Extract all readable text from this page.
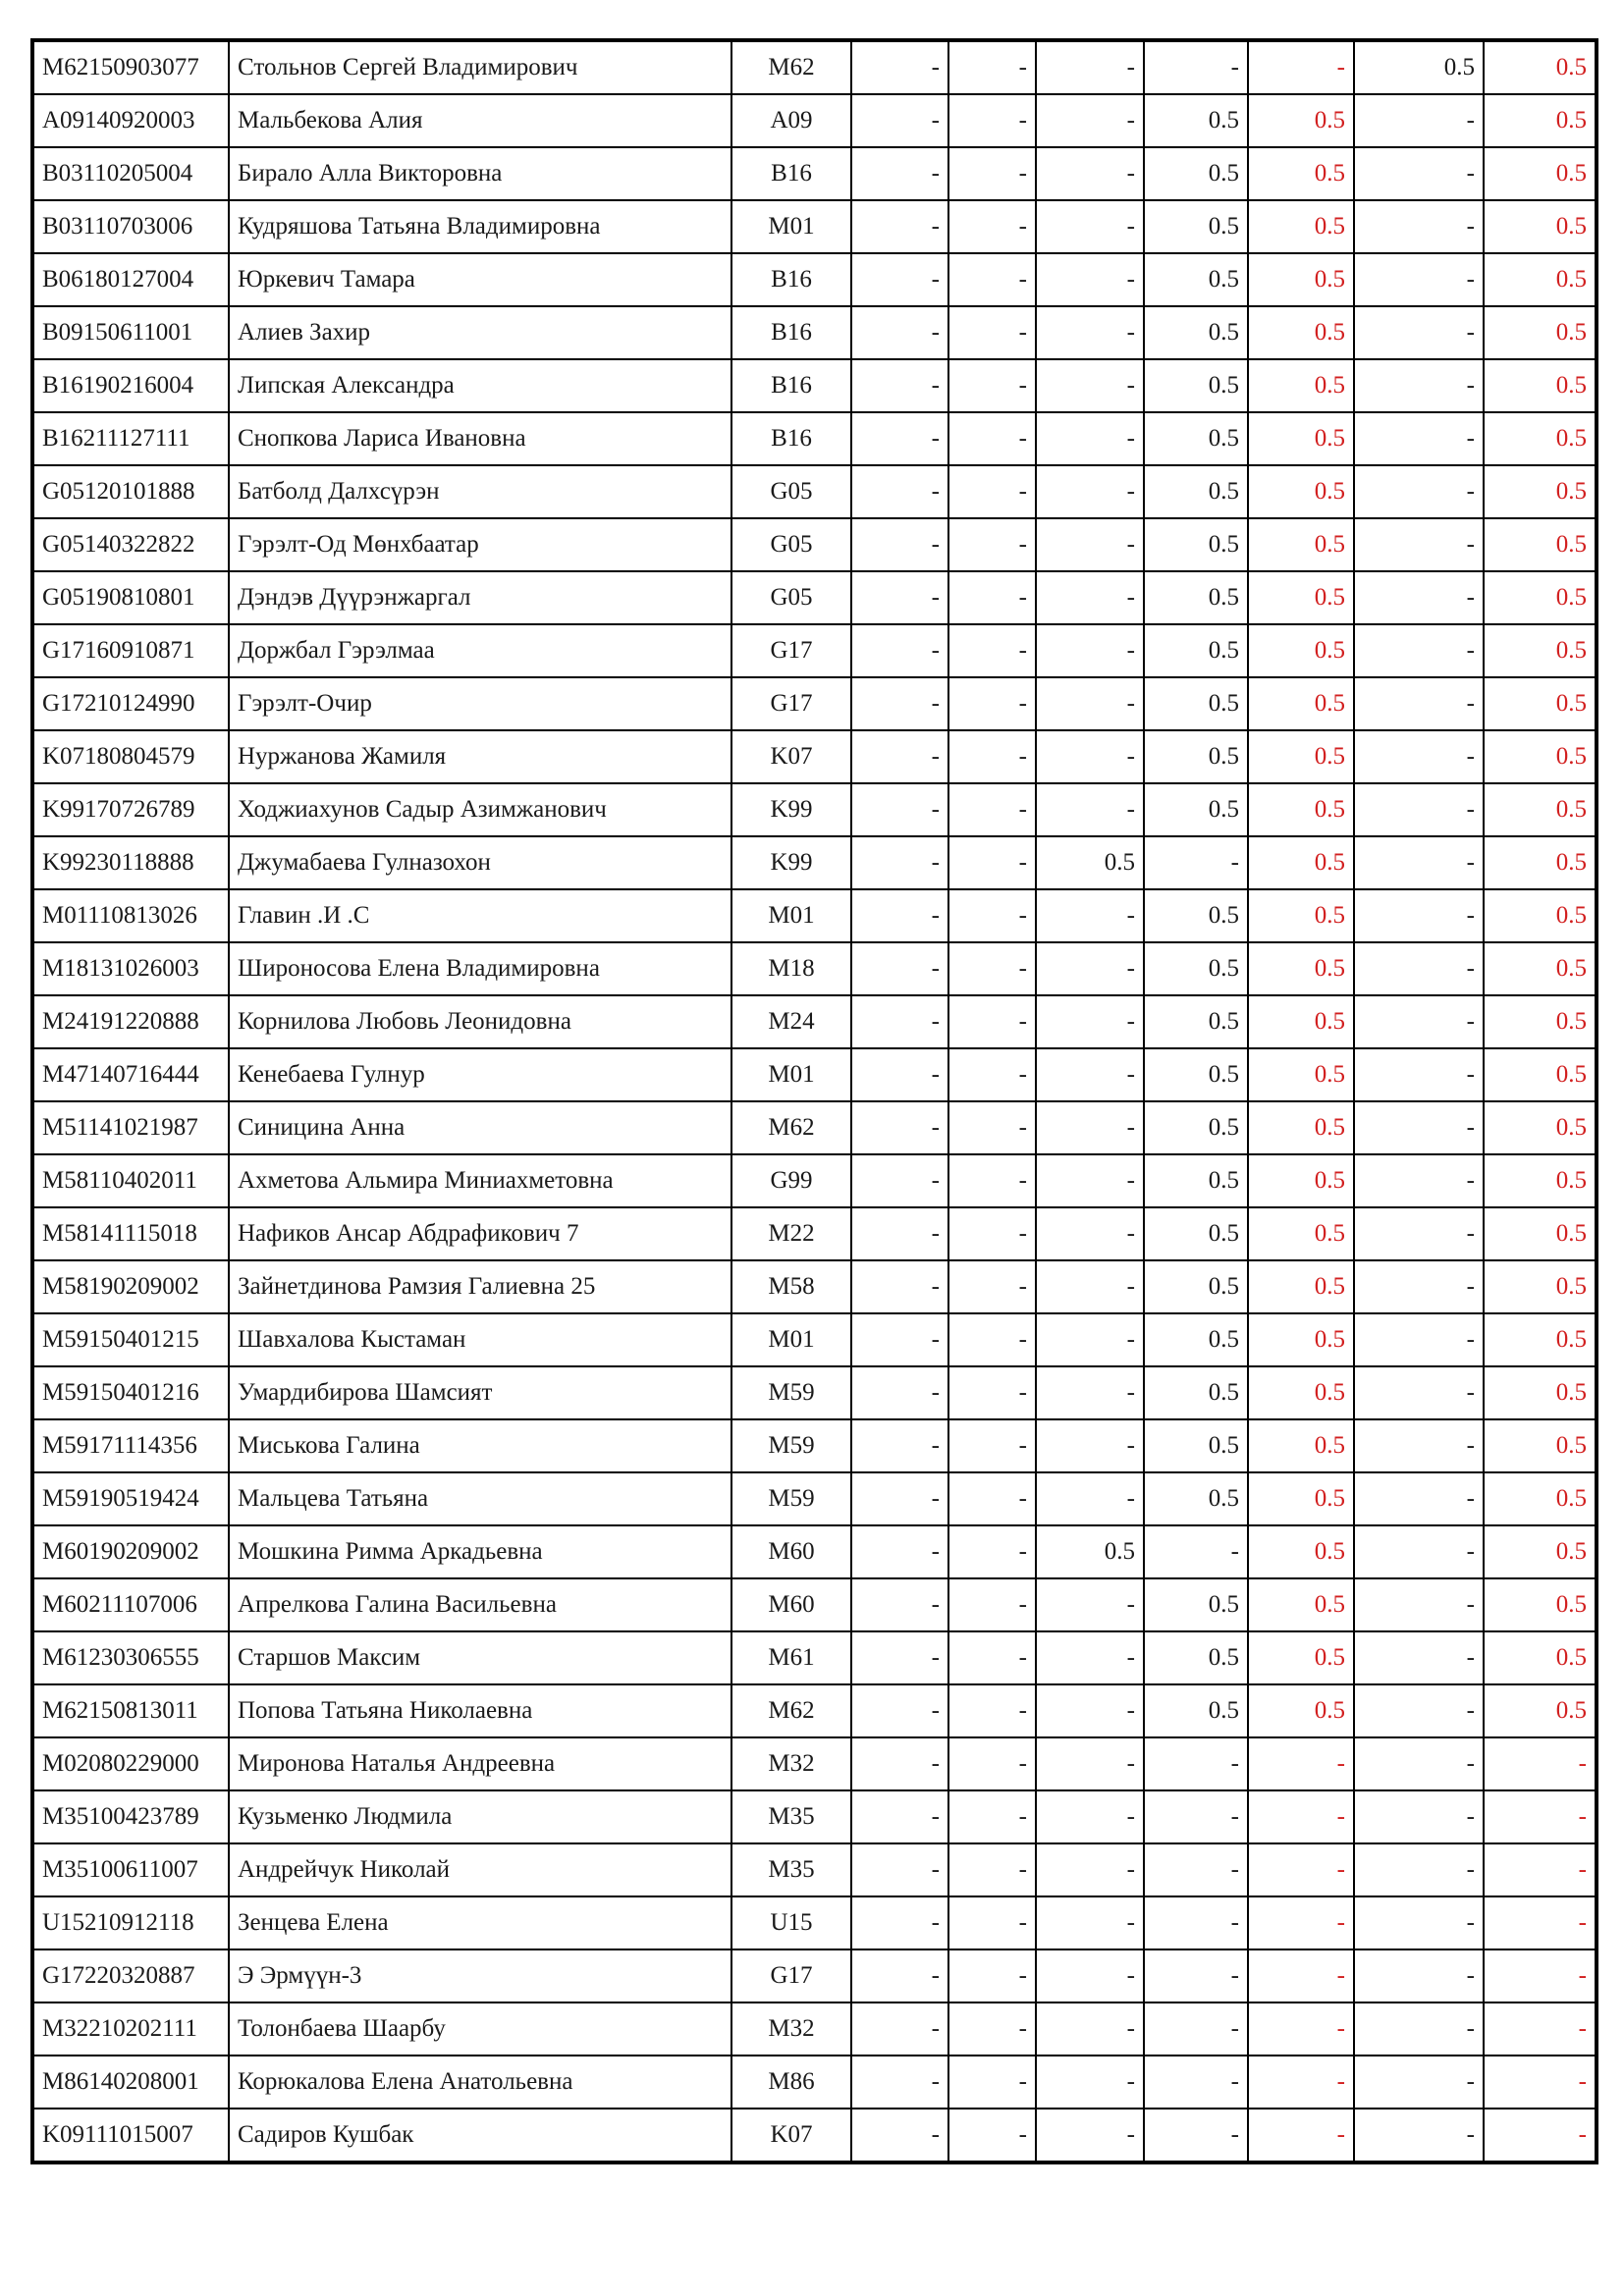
M62150903077	Стольнов Сергей Владимирович	M62	-	-	-	-	-	0.5	0.5
A09140920003	Мальбекова Алия	A09	-	-	-	0.5	0.5	-	0.5
B03110205004	Бирало Алла Викторовна	B16	-	-	-	0.5	0.5	-	0.5
B03110703006	Кудряшова Татьяна Владимировна	M01	-	-	-	0.5	0.5	-	0.5
B06180127004	Юркевич Тамара	B16	-	-	-	0.5	0.5	-	0.5
B09150611001	Алиев Захир	B16	-	-	-	0.5	0.5	-	0.5
B16190216004	Липская Александра	B16	-	-	-	0.5	0.5	-	0.5
B16211127111	Снопкова Лариса Ивановна	B16	-	-	-	0.5	0.5	-	0.5
G05120101888	Батболд Далхсүрэн	G05	-	-	-	0.5	0.5	-	0.5
G05140322822	Гэрэлт-Од Мөнхбаатар	G05	-	-	-	0.5	0.5	-	0.5
G05190810801	Дэндэв Дүүрэнжаргал	G05	-	-	-	0.5	0.5	-	0.5
G17160910871	Доржбал Гэрэлмаа	G17	-	-	-	0.5	0.5	-	0.5
G17210124990	Гэрэлт-Очир	G17	-	-	-	0.5	0.5	-	0.5
K07180804579	Нуржанова Жамиля	K07	-	-	-	0.5	0.5	-	0.5
K99170726789	Ходжиахунов Садыр Азимжанович	K99	-	-	-	0.5	0.5	-	0.5
K99230118888	Джумабаева Гулназохон	K99	-	-	0.5	-	0.5	-	0.5
M01110813026	Главин .И .С	M01	-	-	-	0.5	0.5	-	0.5
M18131026003	Широносова Елена Владимировна	M18	-	-	-	0.5	0.5	-	0.5
M24191220888	Корнилова Любовь Леонидовна	M24	-	-	-	0.5	0.5	-	0.5
M47140716444	Кенебаева Гулнур	M01	-	-	-	0.5	0.5	-	0.5
M51141021987	Синицина Анна	M62	-	-	-	0.5	0.5	-	0.5
M58110402011	Ахметова Альмира Миниахметовна	G99	-	-	-	0.5	0.5	-	0.5
M58141115018	Нафиков Ансар Абдрафикович 7	M22	-	-	-	0.5	0.5	-	0.5
M58190209002	Зайнетдинова Рамзия Галиевна 25	M58	-	-	-	0.5	0.5	-	0.5
M59150401215	Шавхалова Кыстаман	M01	-	-	-	0.5	0.5	-	0.5
M59150401216	Умардибирова Шамсият	M59	-	-	-	0.5	0.5	-	0.5
M59171114356	Миськова Галина	M59	-	-	-	0.5	0.5	-	0.5
M59190519424	Мальцева Татьяна	M59	-	-	-	0.5	0.5	-	0.5
M60190209002	Мошкина Римма Аркадьевна	M60	-	-	0.5	-	0.5	-	0.5
M60211107006	Апрелкова Галина Васильевна	M60	-	-	-	0.5	0.5	-	0.5
M61230306555	Старшов Максим	M61	-	-	-	0.5	0.5	-	0.5
M62150813011	Попова Татьяна Николаевна	M62	-	-	-	0.5	0.5	-	0.5
M02080229000	Миронова Наталья Андреевна	M32	-	-	-	-	-	-	-
M35100423789	Кузьменко Людмила	M35	-	-	-	-	-	-	-
M35100611007	Андрейчук Николай	M35	-	-	-	-	-	-	-
U15210912118	Зенцева Елена	U15	-	-	-	-	-	-	-
G17220320887	Э Эрмүүн-3	G17	-	-	-	-	-	-	-
M32210202111	Толонбаева Шаарбу	M32	-	-	-	-	-	-	-
M86140208001	Корюкалова Елена Анатольевна	M86	-	-	-	-	-	-	-
K09111015007	Садиров Кушбак	K07	-	-	-	-	-	-	-
